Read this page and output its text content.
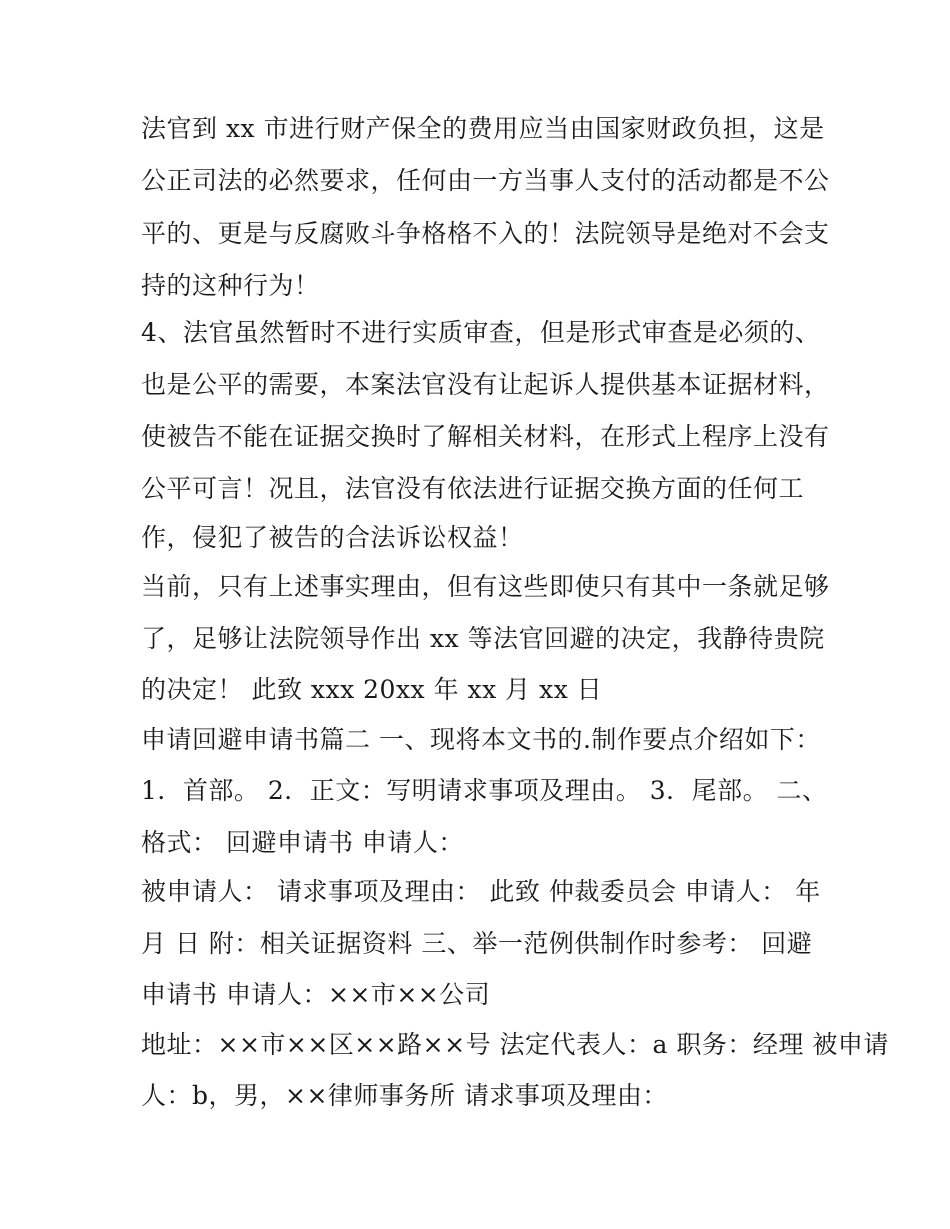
法官到 xx 市进行财产保全的费用应当由国家财政负担，这是
公正司法的必然要求，任何由一方当事人支付的活动都是不公
平的、更是与反腐败斗争格格不入的！法院领导是绝对不会支
持的这种行为！
4、法官虽然暂时不进行实质审查，但是形式审查是必须的、
也是公平的需要，本案法官没有让起诉人提供基本证据材料，
使被告不能在证据交换时了解相关材料，在形式上程序上没有
公平可言！况且，法官没有依法进行证据交换方面的任何工
作，侵犯了被告的合法诉讼权益！
当前，只有上述事实理由，但有这些即使只有其中一条就足够
了，足够让法院领导作出 xx 等法官回避的决定，我静待贵院
的决定！ 此致 xxx 20xx 年 xx 月 xx 日
申请回避申请书篇二 一、现将本文书的.制作要点介绍如下：
1．首部。 2．正文：写明请求事项及理由。 3．尾部。 二、
格式： 回避申请书 申请人：
被申请人： 请求事项及理由： 此致 仲裁委员会 申请人： 年
月 日 附：相关证据资料 三、举一范例供制作时参考： 回避
申请书 申请人：××市××公司
地址：××市××区××路××号 法定代表人：a 职务：经理 被申请
人：b，男，××律师事务所 请求事项及理由：
